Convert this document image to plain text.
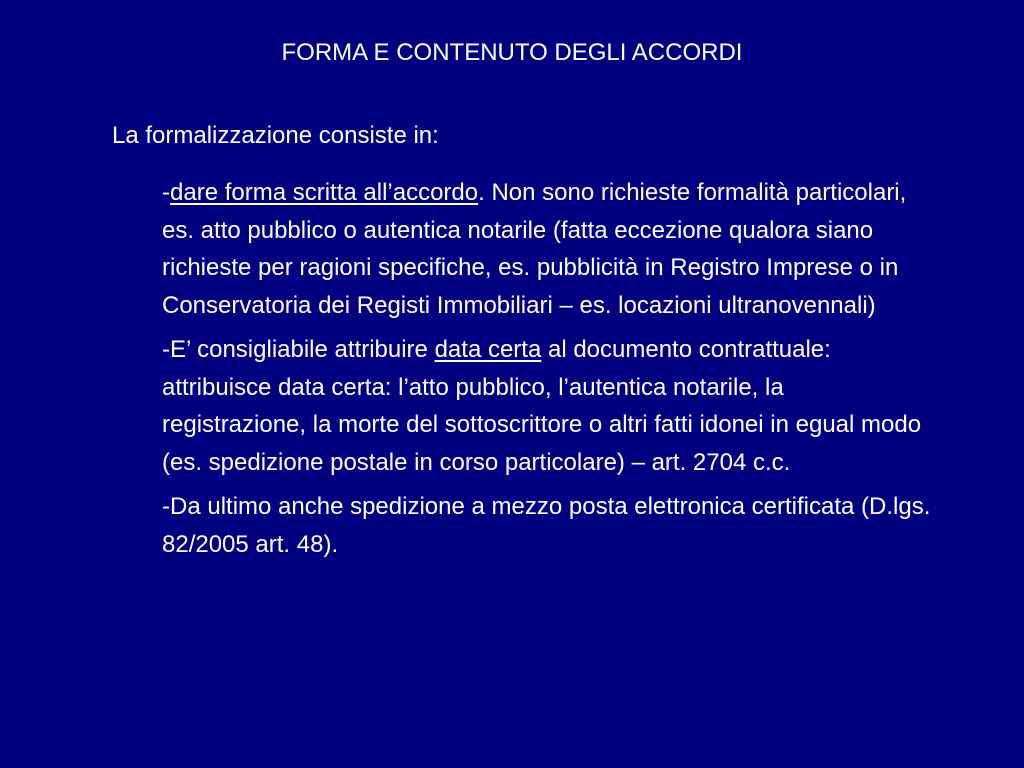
FORMA E CONTENUTO DEGLI ACCORDI
La formalizzazione consiste in:

-dare forma scritta all’accordo. Non sono richieste formalità particolari, es. atto pubblico o autentica notarile (fatta eccezione qualora siano richieste per ragioni specifiche, es. pubblicità in Registro Imprese o in Conservatoria dei Registi Immobiliari – es. locazioni ultranovennali)

-E’ consigliabile attribuire data certa al documento contrattuale: attribuisce data certa: l’atto pubblico, l’autentica notarile, la registrazione, la morte del sottoscrittore o altri fatti idonei in egual modo (es. spedizione postale in corso particolare) – art. 2704 c.c.

-Da ultimo anche spedizione a mezzo posta elettronica certificata (D.lgs. 82/2005 art. 48).
